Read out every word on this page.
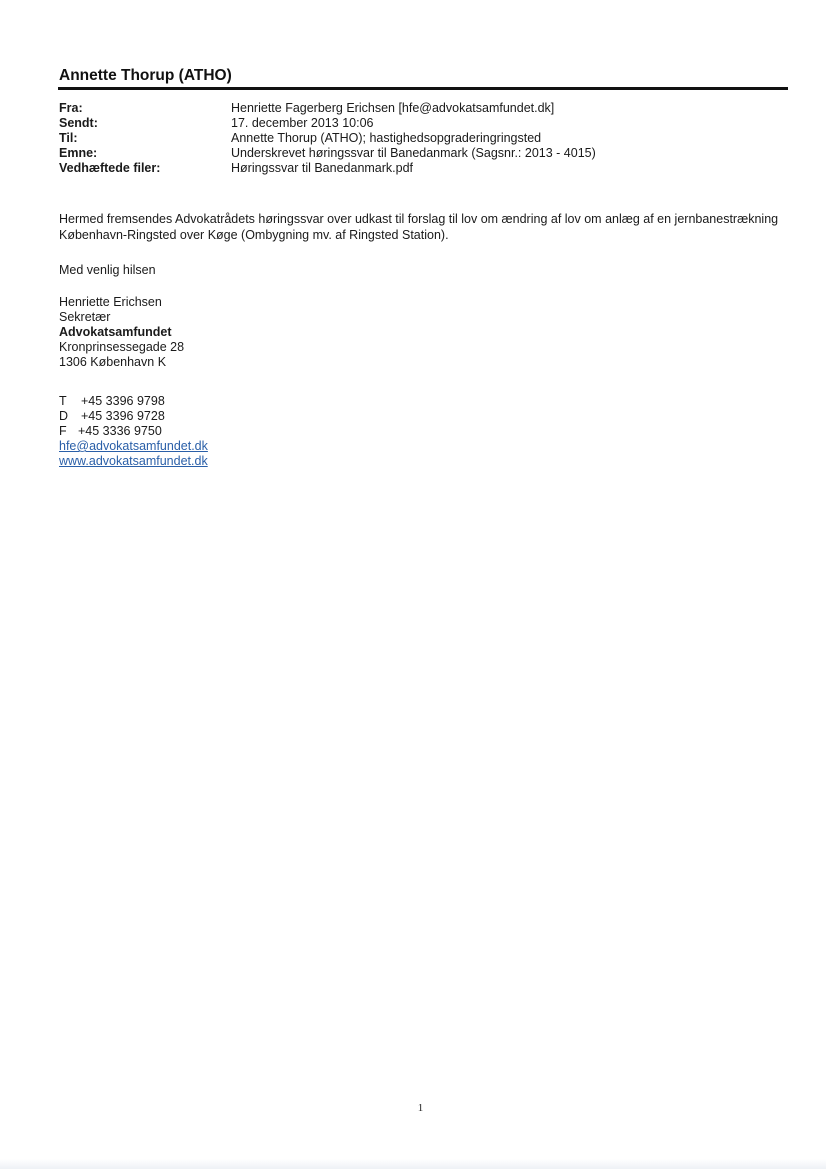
Annette Thorup (ATHO)
Fra:	Henriette Fagerberg Erichsen [hfe@advokatsamfundet.dk]
Sendt:	17. december 2013 10:06
Til:	Annette Thorup (ATHO); hastighedsopgraderingringsted
Emne:	Underskrevet høringssvar til Banedanmark (Sagsnr.: 2013 - 4015)
Vedhæftede filer:	Høringssvar til Banedanmark.pdf
Hermed fremsendes Advokatrådets høringssvar over udkast til forslag til lov om ændring af lov om anlæg af en jernbanestrækning København-Ringsted over Køge (Ombygning mv. af Ringsted Station).
Med venlig hilsen
Henriette Erichsen
Sekretær
Advokatsamfundet
Kronprinsessegade 28
1306 København K
T +45 3396 9798
D +45 3396 9728
F +45 3336 9750
hfe@advokatsamfundet.dk
www.advokatsamfundet.dk
1
